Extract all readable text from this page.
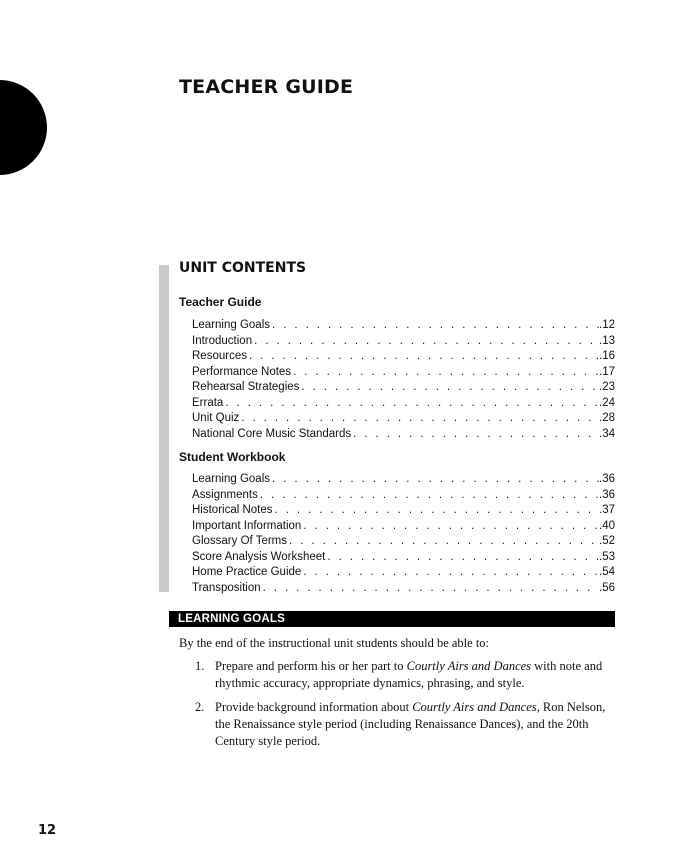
TEACHER GUIDE
UNIT CONTENTS
Teacher Guide
Learning Goals . . .	.12
Introduction . . .	.13
Resources . . .	.16
Performance Notes . . .	.17
Rehearsal Strategies . . .	.23
Errata . . .	.24
Unit Quiz . . .	.28
National Core Music Standards . . .	.34
Student Workbook
Learning Goals . . .	.36
Assignments . . .	.36
Historical Notes . . .	.37
Important Information . . .	.40
Glossary Of Terms . . .	.52
Score Analysis Worksheet . . .	.53
Home Practice Guide . . .	.54
Transposition . . .	.56
LEARNING GOALS

By the end of the instructional unit students should be able to:

1. Prepare and perform his or her part to Courtly Airs and Dances with note and rhythmic accuracy, appropriate dynamics, phrasing, and style.
2. Provide background information about Courtly Airs and Dances, Ron Nelson, the Renaissance style period (including Renaissance Dances), and the 20th Century style period.
12
